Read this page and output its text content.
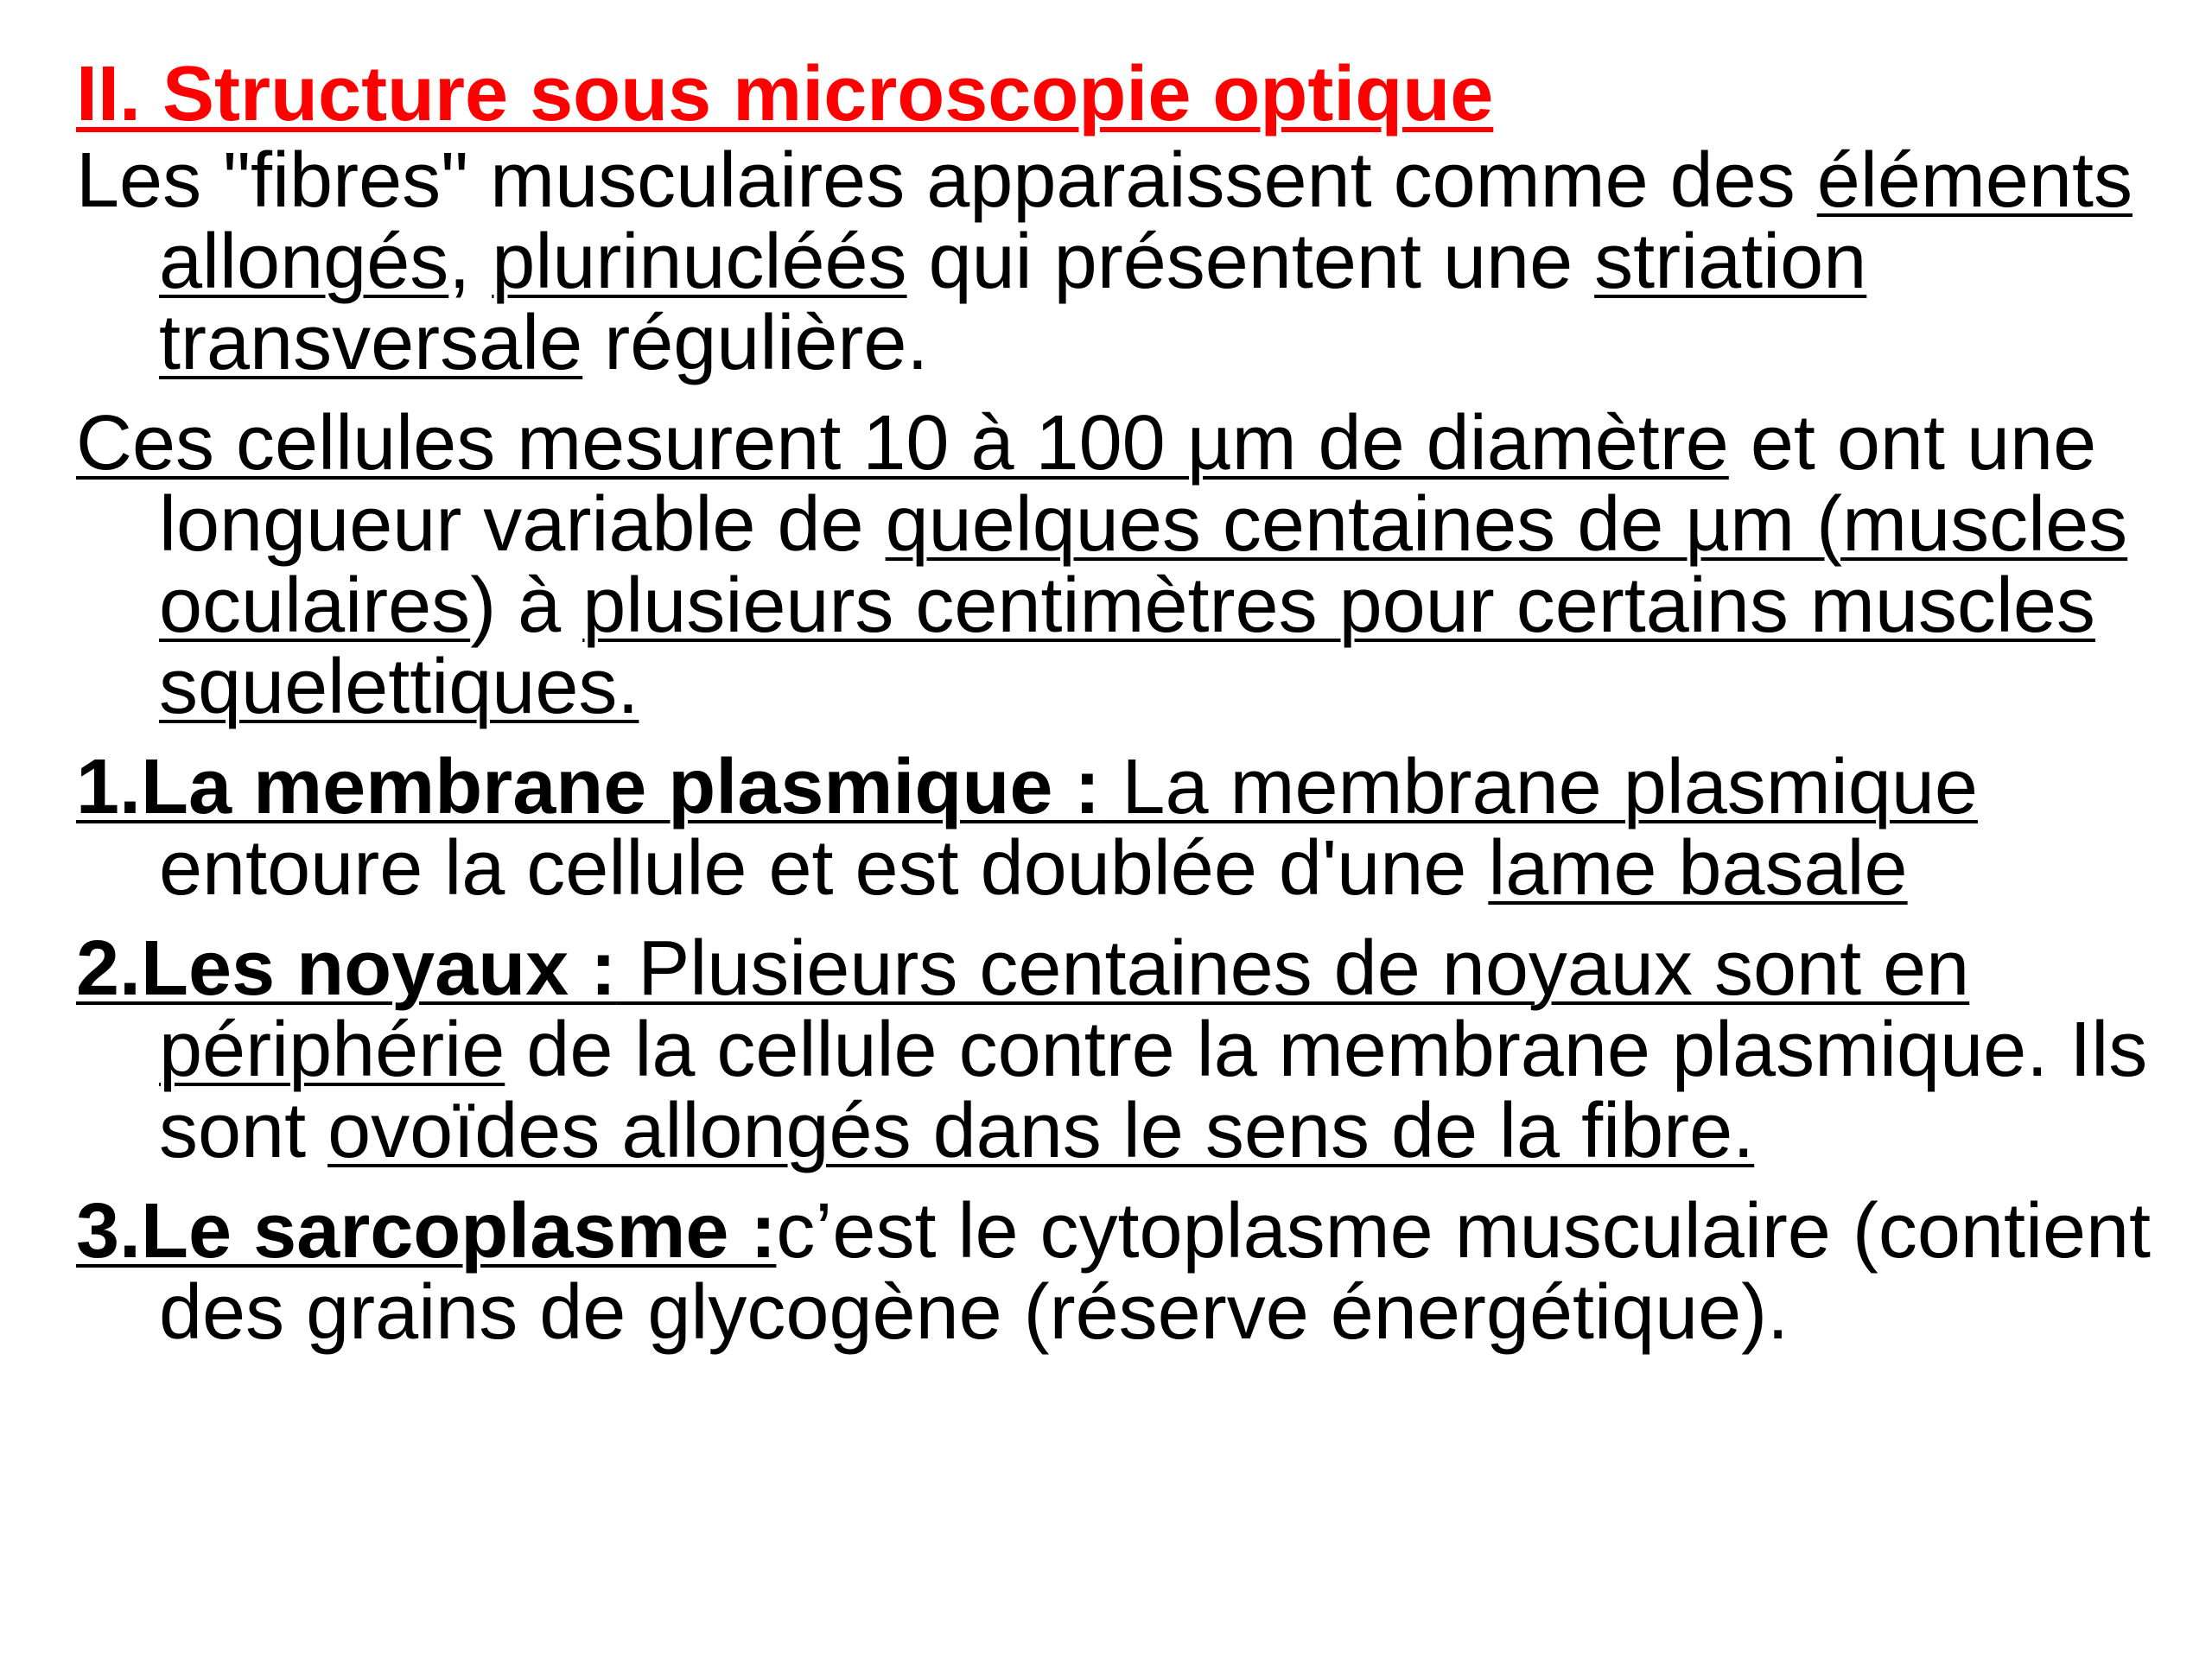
II. Structure sous microscopie optique

Les "fibres" musculaires apparaissent comme des éléments allongés, plurinucléés qui présentent une striation transversale régulière.

Ces cellules mesurent 10 à 100 µm de diamètre et ont une longueur variable de quelques centaines de µm (muscles oculaires) à plusieurs centimètres pour certains muscles squelettiques.

1.La membrane plasmique : La membrane plasmique entoure la cellule et est doublée d'une lame basale

2.Les noyaux : Plusieurs centaines de noyaux sont en périphérie de la cellule contre la membrane plasmique. Ils sont ovoïdes allongés dans le sens de la fibre.

3.Le sarcoplasme :c’est le cytoplasme musculaire (contient des grains de glycogène (réserve énergétique).
